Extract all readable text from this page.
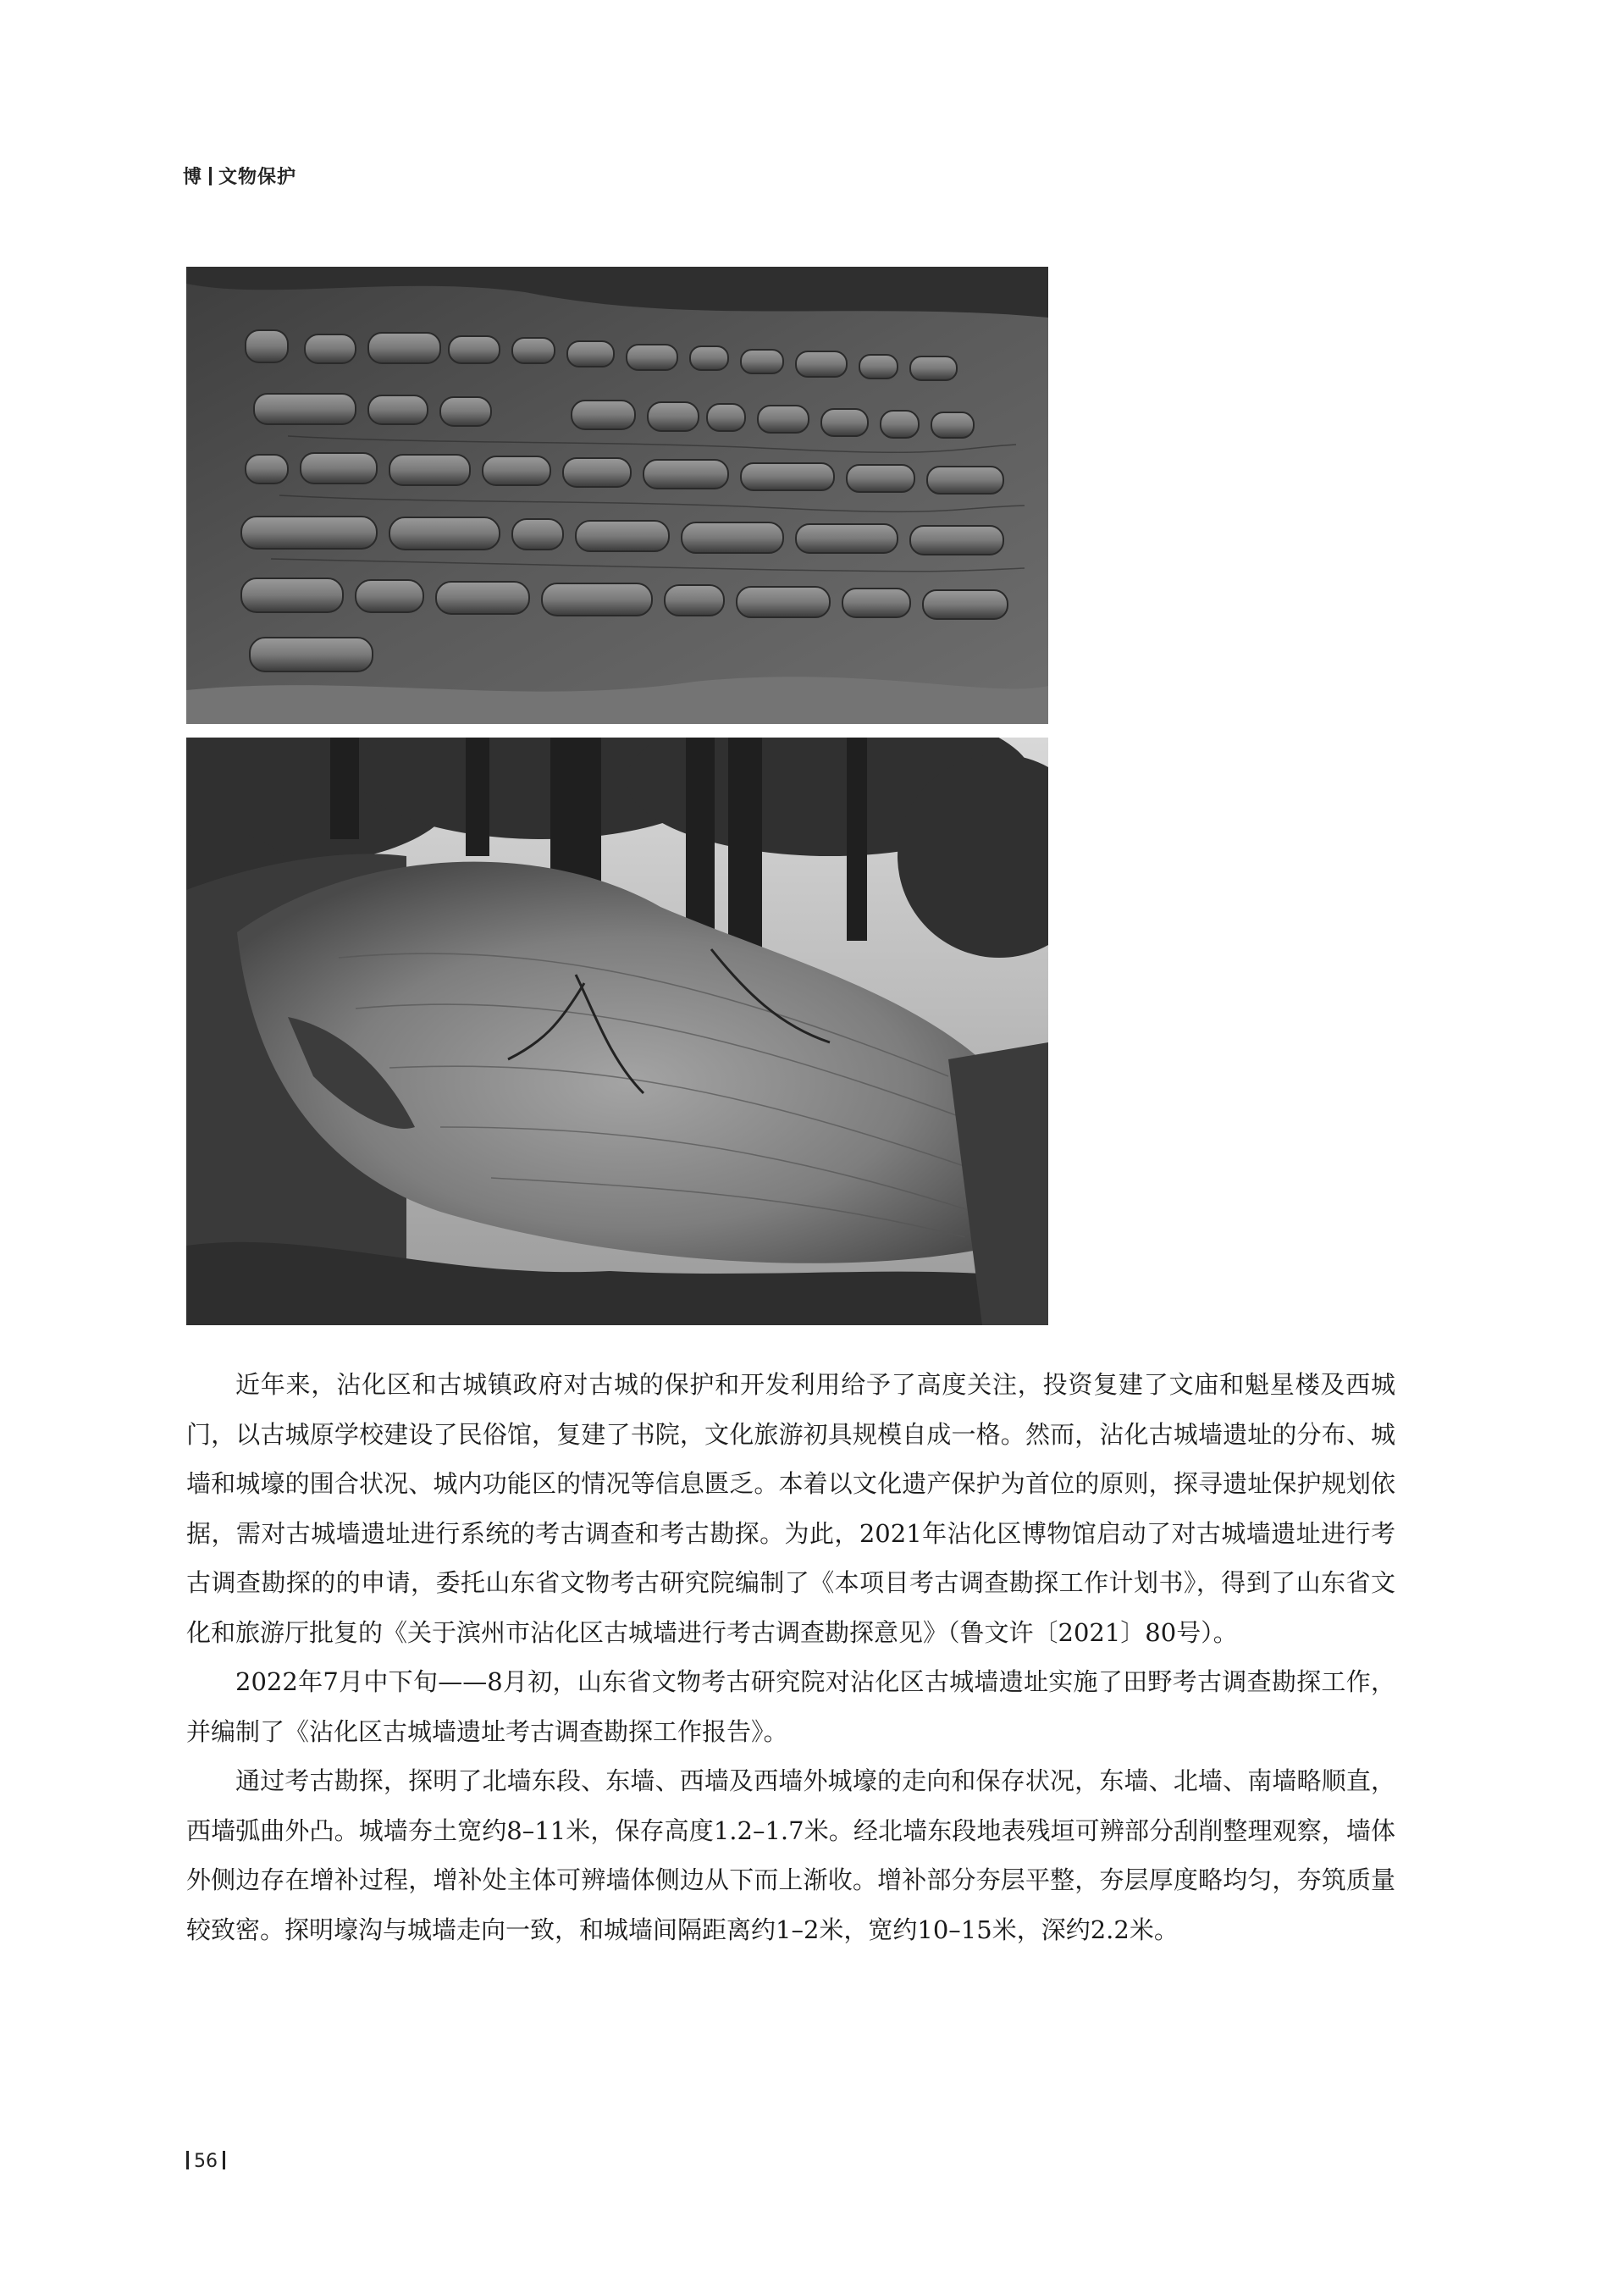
博 文物保护

近年来，沾化区和古城镇政府对古城的保护和开发利用给予了高度关注，投资复建了文庙和魁星楼及西城门，以古城原学校建设了民俗馆，复建了书院，文化旅游初具规模自成一格。然而，沾化古城墙遗址的分布、城墙和城壕的围合状况、城内功能区的情况等信息匮乏。本着以文化遗产保护为首位的原则，探寻遗址保护规划依据，需对古城墙遗址进行系统的考古调查和考古勘探。为此，2021年沾化区博物馆启动了对古城墙遗址进行考古调查勘探的的申请，委托山东省文物考古研究院编制了《本项目考古调查勘探工作计划书》，得到了山东省文化和旅游厅批复的《关于滨州市沾化区古城墙进行考古调查勘探意见》（鲁文许〔2021〕80号）。

2022年7月中下旬——8月初，山东省文物考古研究院对沾化区古城墙遗址实施了田野考古调查勘探工作，并编制了《沾化区古城墙遗址考古调查勘探工作报告》。

通过考古勘探，探明了北墙东段、东墙、西墙及西墙外城壕的走向和保存状况，东墙、北墙、南墙略顺直，西墙弧曲外凸。城墙夯土宽约8–11米，保存高度1.2–1.7米。经北墙东段地表残垣可辨部分刮削整理观察，墙体外侧边存在增补过程，增补处主体可辨墙体侧边从下而上渐收。增补部分夯层平整，夯层厚度略均匀，夯筑质量较致密。探明壕沟与城墙走向一致，和城墙间隔距离约1–2米，宽约10–15米，深约2.2米。

56
